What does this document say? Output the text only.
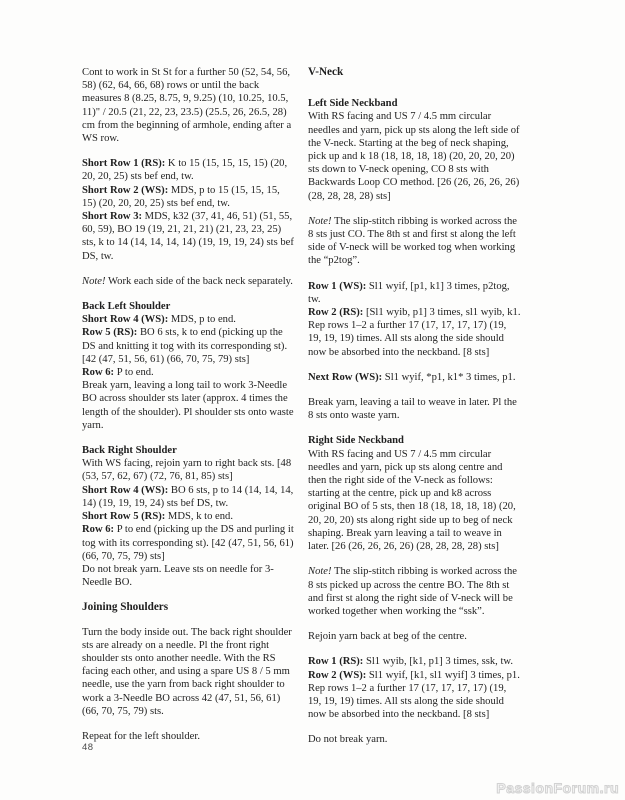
Cont to work in St St for a further 50 (52, 54, 56, 58) (62, 64, 66, 68) rows or until the back measures 8 (8.25, 8.75, 9, 9.25) (10, 10.25, 10.5, 11)" / 20.5 (21, 22, 23, 23.5) (25.5, 26, 26.5, 28) cm from the beginning of armhole, ending after a WS row.

Short Row 1 (RS): K to 15 (15, 15, 15, 15) (20, 20, 20, 25) sts bef end, tw.
Short Row 2 (WS): MDS, p to 15 (15, 15, 15, 15) (20, 20, 20, 25) sts bef end, tw.
Short Row 3: MDS, k32 (37, 41, 46, 51) (51, 55, 60, 59), BO 19 (19, 21, 21, 21) (21, 23, 23, 25) sts, k to 14 (14, 14, 14, 14) (19, 19, 19, 24) sts bef DS, tw.

Note! Work each side of the back neck separately.

Back Left Shoulder
Short Row 4 (WS): MDS, p to end.
Row 5 (RS): BO 6 sts, k to end (picking up the DS and knitting it tog with its corresponding st). [42 (47, 51, 56, 61) (66, 70, 75, 79) sts]
Row 6: P to end.
Break yarn, leaving a long tail to work 3-Needle BO across shoulder sts later (approx. 4 times the length of the shoulder). Pl shoulder sts onto waste yarn.
Back Right Shoulder
With WS facing, rejoin yarn to right back sts. [48 (53, 57, 62, 67) (72, 76, 81, 85) sts]
Short Row 4 (WS): BO 6 sts, p to 14 (14, 14, 14, 14) (19, 19, 19, 24) sts bef DS, tw.
Short Row 5 (RS): MDS, k to end.
Row 6: P to end (picking up the DS and purling it tog with its corresponding st). [42 (47, 51, 56, 61) (66, 70, 75, 79) sts]
Do not break yarn. Leave sts on needle for 3-Needle BO.
Joining Shoulders

Turn the body inside out. The back right shoulder sts are already on a needle. Pl the front right shoulder sts onto another needle. With the RS facing each other, and using a spare US 8 / 5 mm needle, use the yarn from back right shoulder to work a 3-Needle BO across 42 (47, 51, 56, 61) (66, 70, 75, 79) sts.

Repeat for the left shoulder.

V-Neck
Left Side Neckband
With RS facing and US 7 / 4.5 mm circular needles and yarn, pick up sts along the left side of the V-neck. Starting at the beg of neck shaping, pick up and k 18 (18, 18, 18, 18) (20, 20, 20, 20) sts down to V-neck opening, CO 8 sts with Backwards Loop CO method. [26 (26, 26, 26, 26) (28, 28, 28, 28) sts]

Note! The slip-stitch ribbing is worked across the 8 sts just CO. The 8th st and first st along the left side of V-neck will be worked tog when working the “p2tog”.

Row 1 (WS): Sl1 wyif, [p1, k1] 3 times, p2tog, tw.
Row 2 (RS): [Sl1 wyib, p1] 3 times, sl1 wyib, k1.
Rep rows 1–2 a further 17 (17, 17, 17, 17) (19, 19, 19, 19) times. All sts along the side should now be absorbed into the neckband. [8 sts]

Next Row (WS): Sl1 wyif, *p1, k1* 3 times, p1.

Break yarn, leaving a tail to weave in later. Pl the 8 sts onto waste yarn.

Right Side Neckband
With RS facing and US 7 / 4.5 mm circular needles and yarn, pick up sts along centre and then the right side of the V-neck as follows: starting at the centre, pick up and k8 across original BO of 5 sts, then 18 (18, 18, 18, 18) (20, 20, 20, 20) sts along right side up to beg of neck shaping. Break yarn leaving a tail to weave in later. [26 (26, 26, 26, 26) (28, 28, 28, 28) sts]

Note! The slip-stitch ribbing is worked across the 8 sts picked up across the centre BO. The 8th st and first st along the right side of V-neck will be worked together when working the “ssk”.

Rejoin yarn back at beg of the centre.

Row 1 (RS): Sl1 wyib, [k1, p1] 3 times, ssk, tw.
Row 2 (WS): Sl1 wyif, [k1, sl1 wyif] 3 times, p1.
Rep rows 1–2 a further 17 (17, 17, 17, 17) (19, 19, 19, 19) times. All sts along the side should now be absorbed into the neckband. [8 sts]

Do not break yarn.

48
PassionForum.ru
